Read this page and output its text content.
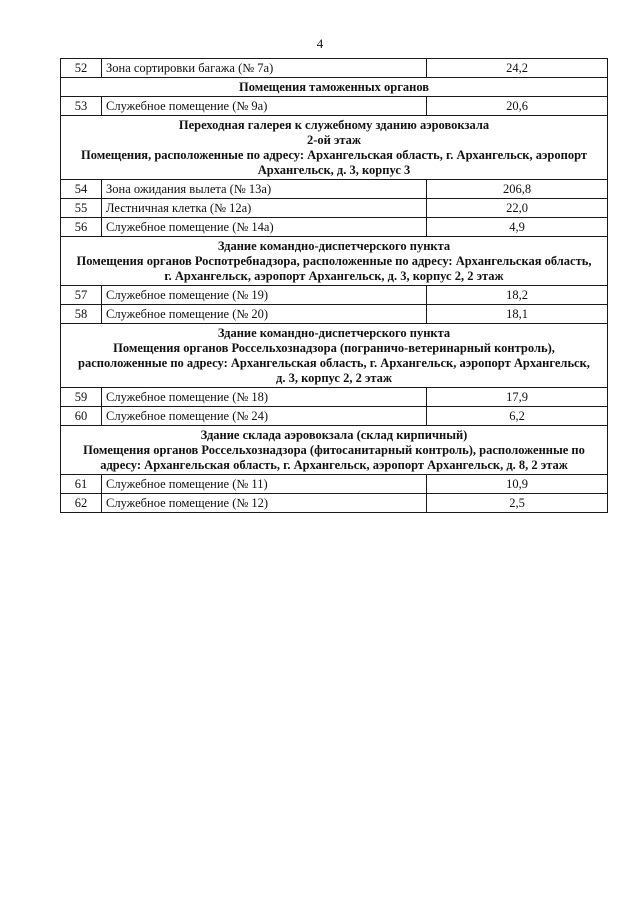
4
52	Зона сортировки багажа (№ 7а)	24,2

Помещения таможенных органов		

53	Служебное помещение (№ 9а)	20,6

Переходная галерея к служебному зданию аэровокзала
2-ой этаж
Помещения, расположенные по адресу: Архангельская область, г. Архангельск, аэропорт
Архангельск, д. 3, корпус 3		

54	Зона ожидания вылета (№ 13а)	206,8
55	Лестничная клетка (№ 12а)	22,0
56	Служебное помещение (№ 14а)	4,9

Здание командно-диспетчерского пункта
Помещения органов Роспотребнадзора, расположенные по адресу: Архангельская область,
г. Архангельск, аэропорт Архангельск, д. 3, корпус 2, 2 этаж		

57	Служебное помещение (№ 19)	18,2
58	Служебное помещение (№ 20)	18,1

Здание командно-диспетчерского пункта
Помещения органов Россельхознадзора (пограничо-ветеринарный контроль),
расположенные по адресу: Архангельская область, г. Архангельск, аэропорт Архангельск,
д. 3, корпус 2, 2 этаж		

59	Служебное помещение (№ 18)	17,9
60	Служебное помещение (№ 24)	6,2

Здание склада аэровокзала (склад кирпичный)
Помещения органов Россельхознадзора (фитосанитарный контроль), расположенные по
адресу: Архангельская область, г. Архангельск, аэропорт Архангельск, д. 8, 2 этаж		

61	Служебное помещение (№ 11)	10,9
62	Служебное помещение (№ 12)	2,5
